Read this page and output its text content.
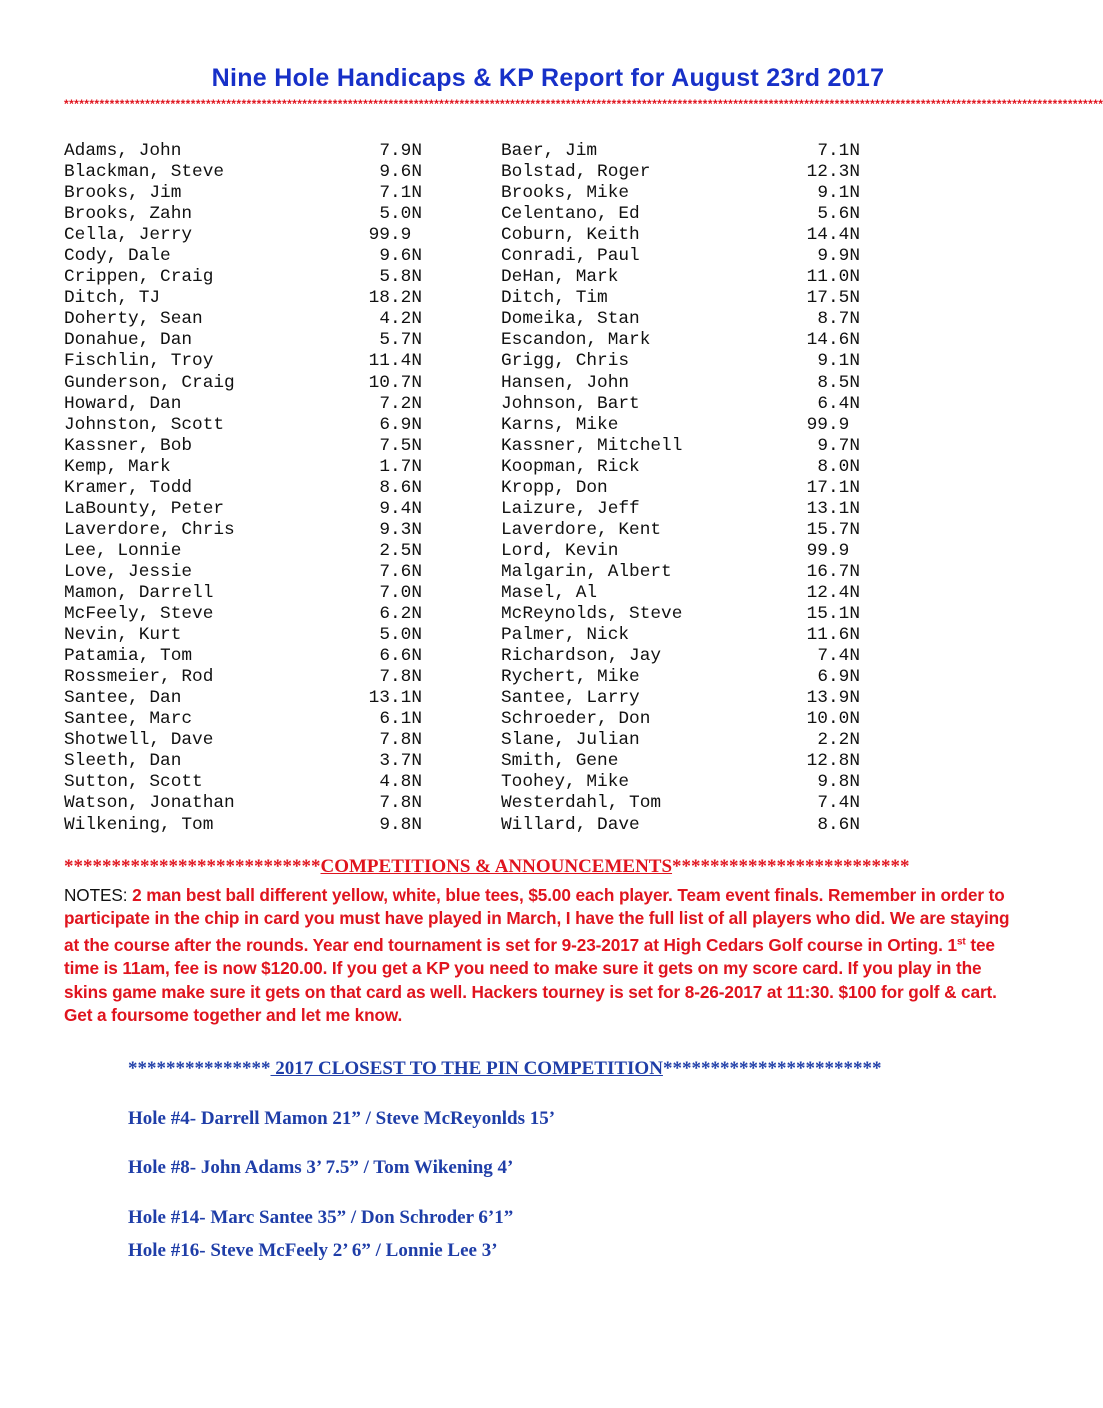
Nine Hole Handicaps & KP Report for August 23rd 2017
*************************************************************************************************************************************************************************************************************
Adams, John	7.9N	Baer, Jim	7.1N
Blackman, Steve	9.6N	Bolstad, Roger	12.3N
Brooks, Jim	7.1N	Brooks, Mike	9.1N
Brooks, Zahn	5.0N	Celentano, Ed	5.6N
Cella, Jerry	99.9	Coburn, Keith	14.4N
Cody, Dale	9.6N	Conradi, Paul	9.9N
Crippen, Craig	5.8N	DeHan, Mark	11.0N
Ditch, TJ	18.2N	Ditch, Tim	17.5N
Doherty, Sean	4.2N	Domeika, Stan	8.7N
Donahue, Dan	5.7N	Escandon, Mark	14.6N
Fischlin, Troy	11.4N	Grigg, Chris	9.1N
Gunderson, Craig	10.7N	Hansen, John	8.5N
Howard, Dan	7.2N	Johnson, Bart	6.4N
Johnston, Scott	6.9N	Karns, Mike	99.9
Kassner, Bob	7.5N	Kassner, Mitchell	9.7N
Kemp, Mark	1.7N	Koopman, Rick	8.0N
Kramer, Todd	8.6N	Kropp, Don	17.1N
LaBounty, Peter	9.4N	Laizure, Jeff	13.1N
Laverdore, Chris	9.3N	Laverdore, Kent	15.7N
Lee, Lonnie	2.5N	Lord, Kevin	99.9
Love, Jessie	7.6N	Malgarin, Albert	16.7N
Mamon, Darrell	7.0N	Masel, Al	12.4N
McFeely, Steve	6.2N	McReynolds, Steve	15.1N
Nevin, Kurt	5.0N	Palmer, Nick	11.6N
Patamia, Tom	6.6N	Richardson, Jay	7.4N
Rossmeier, Rod	7.8N	Rychert, Mike	6.9N
Santee, Dan	13.1N	Santee, Larry	13.9N
Santee, Marc	6.1N	Schroeder, Don	10.0N
Shotwell, Dave	7.8N	Slane, Julian	2.2N
Sleeth, Dan	3.7N	Smith, Gene	12.8N
Sutton, Scott	4.8N	Toohey, Mike	9.8N
Watson, Jonathan	7.8N	Westerdahl, Tom	7.4N
Wilkening, Tom	9.8N	Willard, Dave	8.6N
***************************COMPETITIONS & ANNOUNCEMENTS*************************
NOTES: 2 man best ball different yellow, white, blue tees, $5.00 each player. Team event finals. Remember in order to participate in the chip in card you must have played in March, I have the full list of all players who did. We are staying at the course after the rounds. Year end tournament is set for 9-23-2017 at High Cedars Golf course in Orting. 1st tee time is 11am, fee is now $120.00. If you get a KP you need to make sure it gets on my score card. If you play in the skins game make sure it gets on that card as well. Hackers tourney is set for 8-26-2017 at 11:30. $100 for golf & cart. Get a foursome together and let me know.
*************** 2017 CLOSEST TO THE PIN COMPETITION***********************
Hole #4- Darrell Mamon 21” / Steve McReyonlds 15’
Hole #8- John Adams 3’ 7.5” / Tom Wikening 4’
Hole #14- Marc Santee 35” / Don Schroder 6’1”
Hole #16- Steve McFeely 2’ 6” / Lonnie Lee 3’
